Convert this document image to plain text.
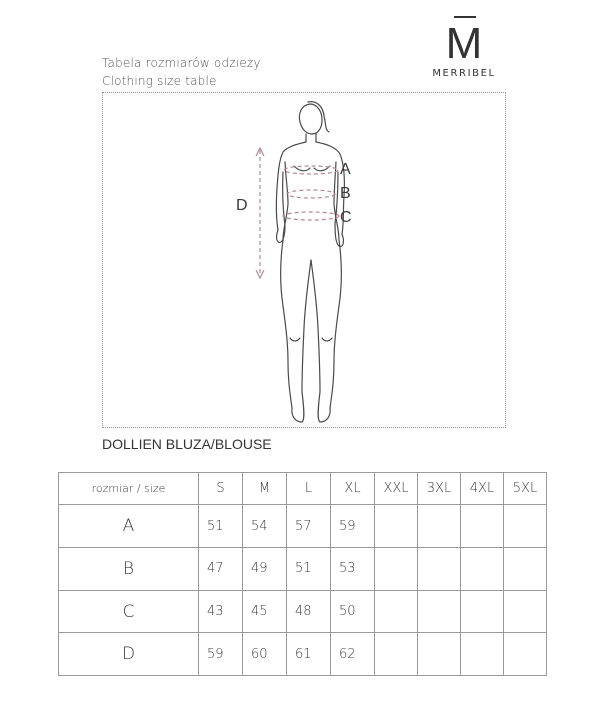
M
MERRIBEL
Tabela rozmiarów odzieży
Clothing size table
A
B
C
D
DOLLIEN BLUZA/BLOUSE
rozmiar / size	S	M	L	XL	XXL	3XL	4XL	5XL
A	51	54	57	59				
B	47	49	51	53				
C	43	45	48	50				
D	59	60	61	62				
